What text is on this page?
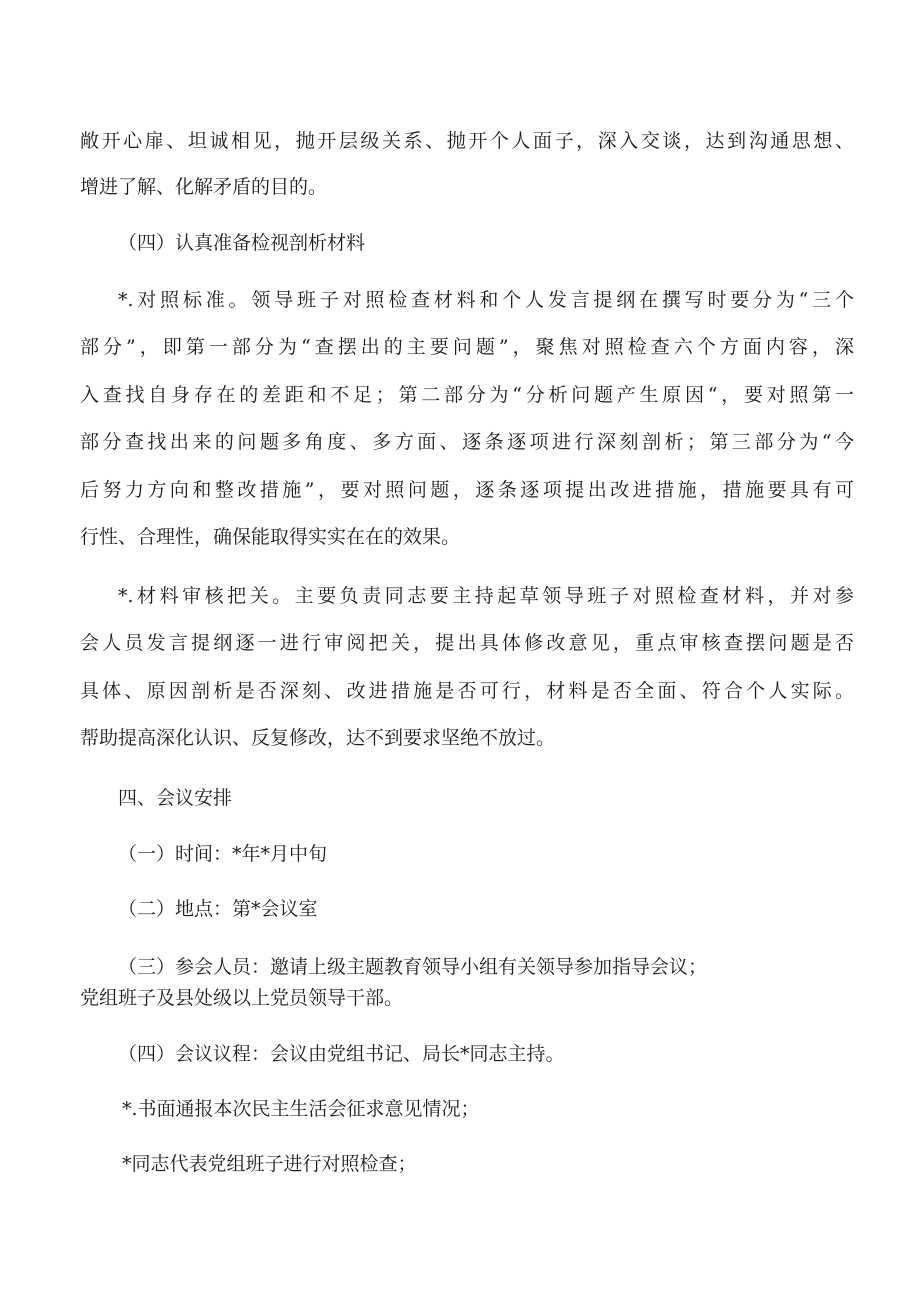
敞开心扉、坦诚相见，抛开层级关系、抛开个人面子，深入交谈，达到沟通思想、
增进了解、化解矛盾的目的。
（四）认真准备检视剖析材料
*.对照标准。领导班子对照检查材料和个人发言提纲在撰写时要分为“三个
部分”，即第一部分为“查摆出的主要问题”，聚焦对照检查六个方面内容，深
入查找自身存在的差距和不足；第二部分为“分析问题产生原因“，要对照第一
部分查找出来的问题多角度、多方面、逐条逐项进行深刻剖析；第三部分为“今
后努力方向和整改措施”，要对照问题，逐条逐项提出改进措施，措施要具有可
行性、合理性，确保能取得实实在在的效果。
*.材料审核把关。主要负责同志要主持起草领导班子对照检查材料，并对参
会人员发言提纲逐一进行审阅把关，提出具体修改意见，重点审核查摆问题是否
具体、原因剖析是否深刻、改进措施是否可行，材料是否全面、符合个人实际。
帮助提高深化认识、反复修改，达不到要求坚绝不放过。
四、会议安排
（一）时间：*年*月中旬
（二）地点：第*会议室
（三）参会人员：邀请上级主题教育领导小组有关领导参加指导会议；
党组班子及县处级以上党员领导干部。
（四）会议议程：会议由党组书记、局长*同志主持。
*.书面通报本次民主生活会征求意见情况；
*同志代表党组班子进行对照检查；
